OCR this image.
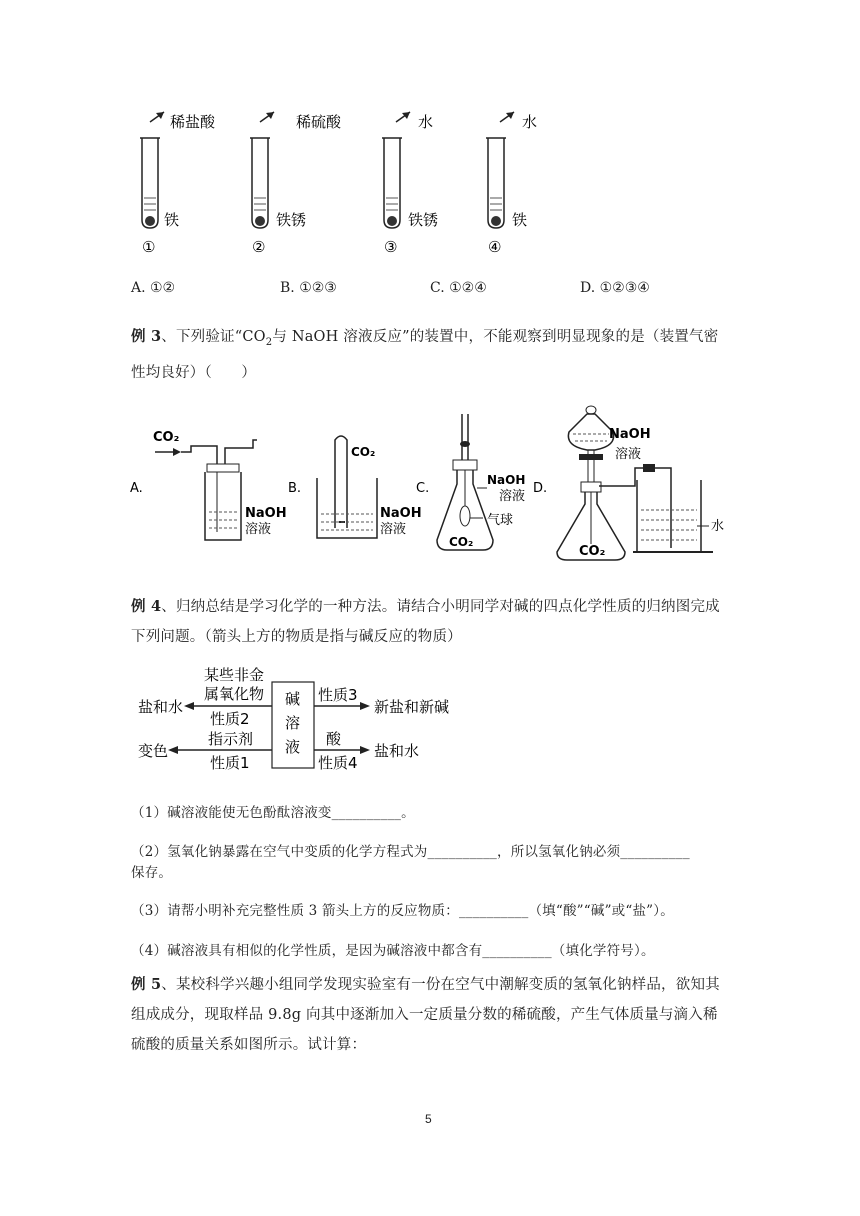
稀盐酸
铁
①
稀硫酸
铁锈
②
水
铁锈
③
水
铁
④
A. ①②	B. ①②③	C. ①②④	D. ①②③④
例 3、下列验证“$CO_2$与 NaOH 溶液反应”的装置中，不能观察到明显现象的是（装置气密
性均良好）（　　）
A.
CO₂
NaOH
溶液
B.
CO₂
NaOH
溶液
C.
NaOH
溶液
气球
CO₂
D.
NaOH
溶液
CO₂
水
例 4、归纳总结是学习化学的一种方法。请结合小明同学对碱的四点化学性质的归纳图完成
下列问题。（箭头上方的物质是指与碱反应的物质）
碱
溶
液
某些非金
属氧化物
盐和水
性质2
指示剂
变色
性质1
性质3
新盐和新碱
酸
盐和水
性质4
（1）碱溶液能使无色酚酞溶液变__________。
（2）氢氧化钠暴露在空气中变质的化学方程式为__________，所以氢氧化钠必须__________
保存。
（3）请帮小明补充完整性质 3 箭头上方的反应物质：__________（填“酸”“碱”或“盐”）。
（4）碱溶液具有相似的化学性质，是因为碱溶液中都含有__________（填化学符号）。
例 5、某校科学兴趣小组同学发现实验室有一份在空气中潮解变质的氢氧化钠样品，欲知其
组成成分，现取样品 9.8g 向其中逐渐加入一定质量分数的稀硫酸，产生气体质量与滴入稀
硫酸的质量关系如图所示。试计算：
5
